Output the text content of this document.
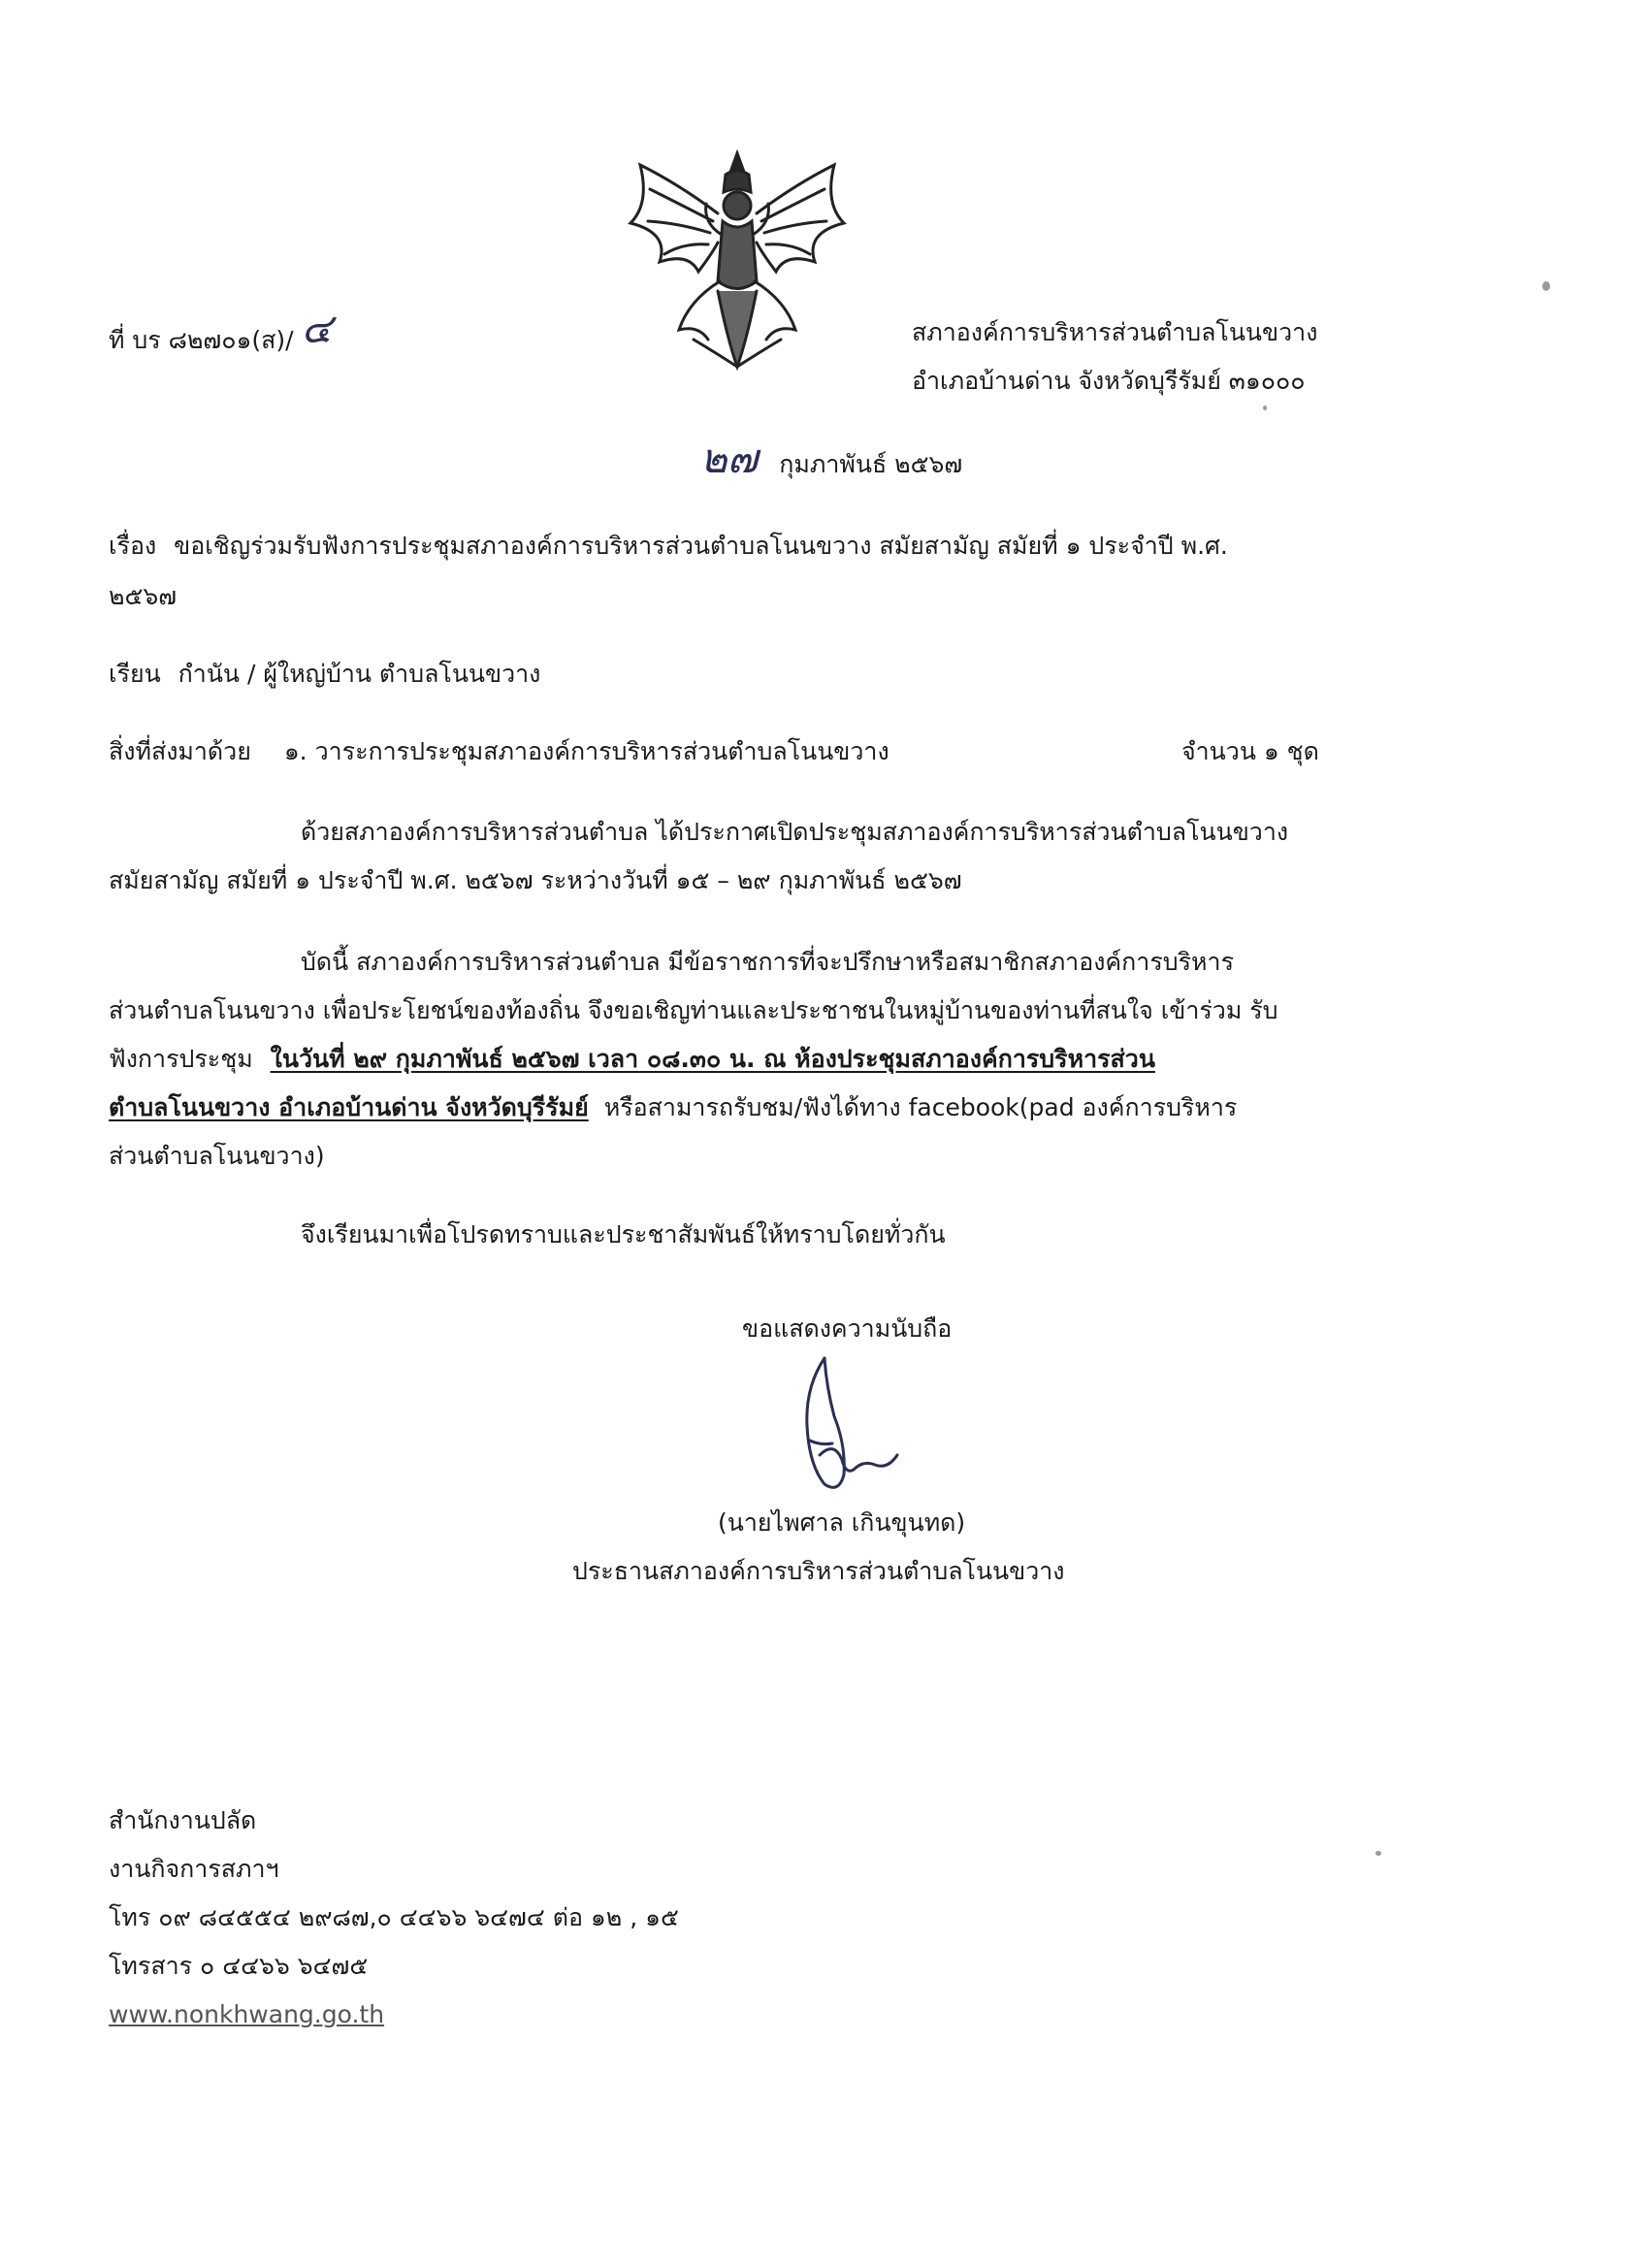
ที่ บร ๘๒๗๐๑(ส)/ ๔	สภาองค์การบริหารส่วนตำบลโนนขวาง
อำเภอบ้านด่าน จังหวัดบุรีรัมย์ ๓๑๐๐๐
๒๗ กุมภาพันธ์ ๒๕๖๗
เรื่อง ขอเชิญร่วมรับฟังการประชุมสภาองค์การบริหารส่วนตำบลโนนขวาง สมัยสามัญ สมัยที่ ๑ ประจำปี พ.ศ.
๒๕๖๗
เรียน กำนัน / ผู้ใหญ่บ้าน ตำบลโนนขวาง
สิ่งที่ส่งมาด้วย ๑. วาระการประชุมสภาองค์การบริหารส่วนตำบลโนนขวาง	จำนวน ๑ ชุด
ด้วยสภาองค์การบริหารส่วนตำบล ได้ประกาศเปิดประชุมสภาองค์การบริหารส่วนตำบลโนนขวาง
สมัยสามัญ สมัยที่ ๑ ประจำปี พ.ศ. ๒๕๖๗ ระหว่างวันที่ ๑๕ – ๒๙ กุมภาพันธ์ ๒๕๖๗
บัดนี้ สภาองค์การบริหารส่วนตำบล มีข้อราชการที่จะปรึกษาหรือสมาชิกสภาองค์การบริหาร
ส่วนตำบลโนนขวาง เพื่อประโยชน์ของท้องถิ่น จึงขอเชิญท่านและประชาชนในหมู่บ้านของท่านที่สนใจ เข้าร่วม รับ
ฟังการประชุม ในวันที่ ๒๙ กุมภาพันธ์ ๒๕๖๗ เวลา ๐๘.๓๐ น. ณ ห้องประชุมสภาองค์การบริหารส่วน
ตำบลโนนขวาง อำเภอบ้านด่าน จังหวัดบุรีรัมย์ หรือสามารถรับชม/ฟังได้ทาง facebook(pad องค์การบริหาร
ส่วนตำบลโนนขวาง)
จึงเรียนมาเพื่อโปรดทราบและประชาสัมพันธ์ให้ทราบโดยทั่วกัน
ขอแสดงความนับถือ
(นายไพศาล เกินขุนทด)
ประธานสภาองค์การบริหารส่วนตำบลโนนขวาง
สำนักงานปลัด
งานกิจการสภาฯ
โทร ๐๙ ๘๔๕๕๔ ๒๙๘๗,๐ ๔๔๖๖ ๖๔๗๔ ต่อ ๑๒ , ๑๕
โทรสาร ๐ ๔๔๖๖ ๖๔๗๕
www.nonkhwang.go.th
